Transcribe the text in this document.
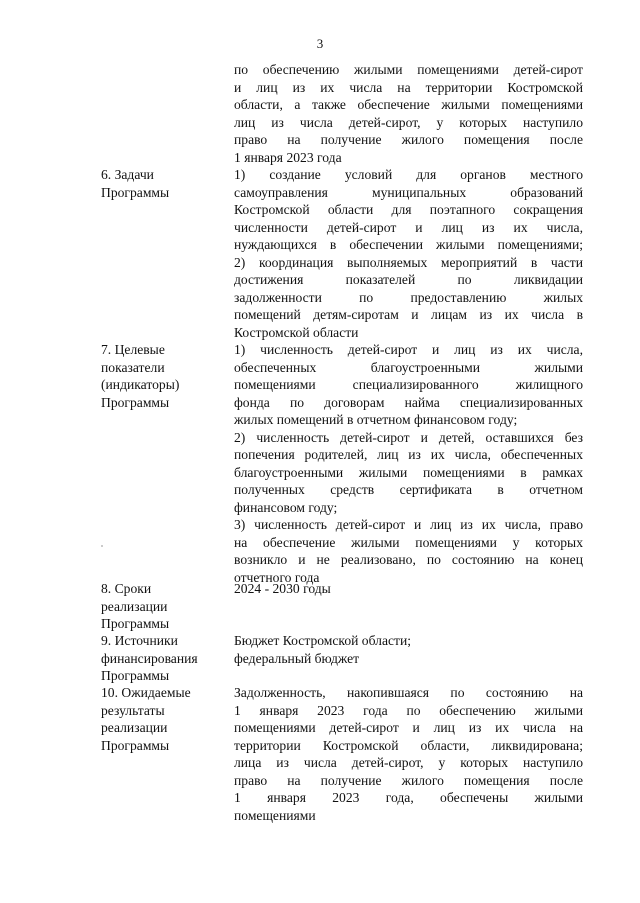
3
по обеспечению жилыми помещениями детей-сирот
и лиц из их числа на территории Костромской
области, а также обеспечение жилыми помещениями
лиц из числа детей-сирот, у которых наступило
право на получение жилого помещения после
1 января 2023 года
6. Задачи
Программы
1) создание условий для органов местного
самоуправления муниципальных образований
Костромской области для поэтапного сокращения
численности детей-сирот и лиц из их числа,
нуждающихся в обеспечении жилыми помещениями;
2) координация выполняемых мероприятий в части
достижения показателей по ликвидации
задолженности по предоставлению жилых
помещений детям-сиротам и лицам из их числа в
Костромской области
7. Целевые
показатели
(индикаторы)
Программы
1) численность детей-сирот и лиц из их числа,
обеспеченных благоустроенными жилыми
помещениями специализированного жилищного
фонда по договорам найма специализированных
жилых помещений в отчетном финансовом году;
2) численность детей-сирот и детей, оставшихся без
попечения родителей, лиц из их числа, обеспеченных
благоустроенными жилыми помещениями в рамках
полученных средств сертификата в отчетном
финансовом году;
3) численность детей-сирот и лиц из их числа, право
на обеспечение жилыми помещениями у которых
возникло и не реализовано, по состоянию на конец
отчетного года
8. Сроки
реализации
Программы
2024 - 2030 годы
9. Источники
финансирования
Программы
Бюджет Костромской области;
федеральный бюджет
10. Ожидаемые
результаты
реализации
Программы
Задолженность, накопившаяся по состоянию на
1 января 2023 года по обеспечению жилыми
помещениями детей-сирот и лиц из их числа на
территории Костромской области, ликвидирована;
лица из числа детей-сирот, у которых наступило
право на получение жилого помещения после
1 января 2023 года, обеспечены жилыми
помещениями
